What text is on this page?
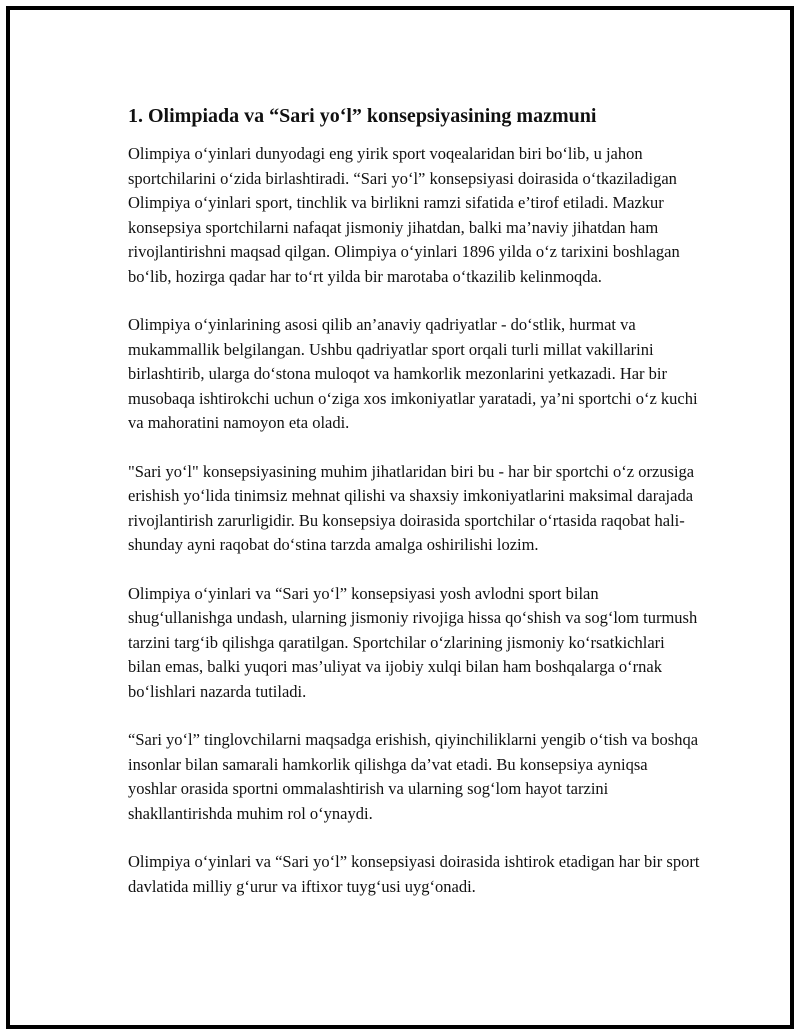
1. Olimpiada va “Sari yo‘l” konsepsiyasining mazmuni

Olimpiya o‘yinlari dunyodagi eng yirik sport voqealaridan biri bo‘lib, u jahon sportchilarini o‘zida birlashtiradi. “Sari yo‘l” konsepsiyasi doirasida o‘tkaziladigan Olimpiya o‘yinlari sport, tinchlik va birlikni ramzi sifatida e’tirof etiladi. Mazkur konsepsiya sportchilarni nafaqat jismoniy jihatdan, balki ma’naviy jihatdan ham rivojlantirishni maqsad qilgan. Olimpiya o‘yinlari 1896 yilda o‘z tarixini boshlagan bo‘lib, hozirga qadar har to‘rt yilda bir marotaba o‘tkazilib kelinmoqda.

Olimpiya o‘yinlarining asosi qilib an’anaviy qadriyatlar - do‘stlik, hurmat va mukammallik belgilangan. Ushbu qadriyatlar sport orqali turli millat vakillarini birlashtirib, ularga do‘stona muloqot va hamkorlik mezonlarini yetkazadi. Har bir musobaqa ishtirokchi uchun o‘ziga xos imkoniyatlar yaratadi, ya’ni sportchi o‘z kuchi va mahoratini namoyon eta oladi.

"Sari yo‘l" konsepsiyasining muhim jihatlaridan biri bu - har bir sportchi o‘z orzusiga erishish yo‘lida tinimsiz mehnat qilishi va shaxsiy imkoniyatlarini maksimal darajada rivojlantirish zarurligidir. Bu konsepsiya doirasida sportchilar o‘rtasida raqobat hali-shunday ayni raqobat do‘stina tarzda amalga oshirilishi lozim.

Olimpiya o‘yinlari va “Sari yo‘l” konsepsiyasi yosh avlodni sport bilan shug‘ullanishga undash, ularning jismoniy rivojiga hissa qo‘shish va sog‘lom turmush tarzini targ‘ib qilishga qaratilgan. Sportchilar o‘zlarining jismoniy ko‘rsatkichlari bilan emas, balki yuqori mas’uliyat va ijobiy xulqi bilan ham boshqalarga o‘rnak bo‘lishlari nazarda tutiladi.

“Sari yo‘l” tinglovchilarni maqsadga erishish, qiyinchiliklarni yengib o‘tish va boshqa insonlar bilan samarali hamkorlik qilishga da’vat etadi. Bu konsepsiya ayniqsa yoshlar orasida sportni ommalashtirish va ularning sog‘lom hayot tarzini shakllantirishda muhim rol o‘ynaydi.

Olimpiya o‘yinlari va “Sari yo‘l” konsepsiyasi doirasida ishtirok etadigan har bir sport davlatida milliy g‘urur va iftixor tuyg‘usi uyg‘onadi.
